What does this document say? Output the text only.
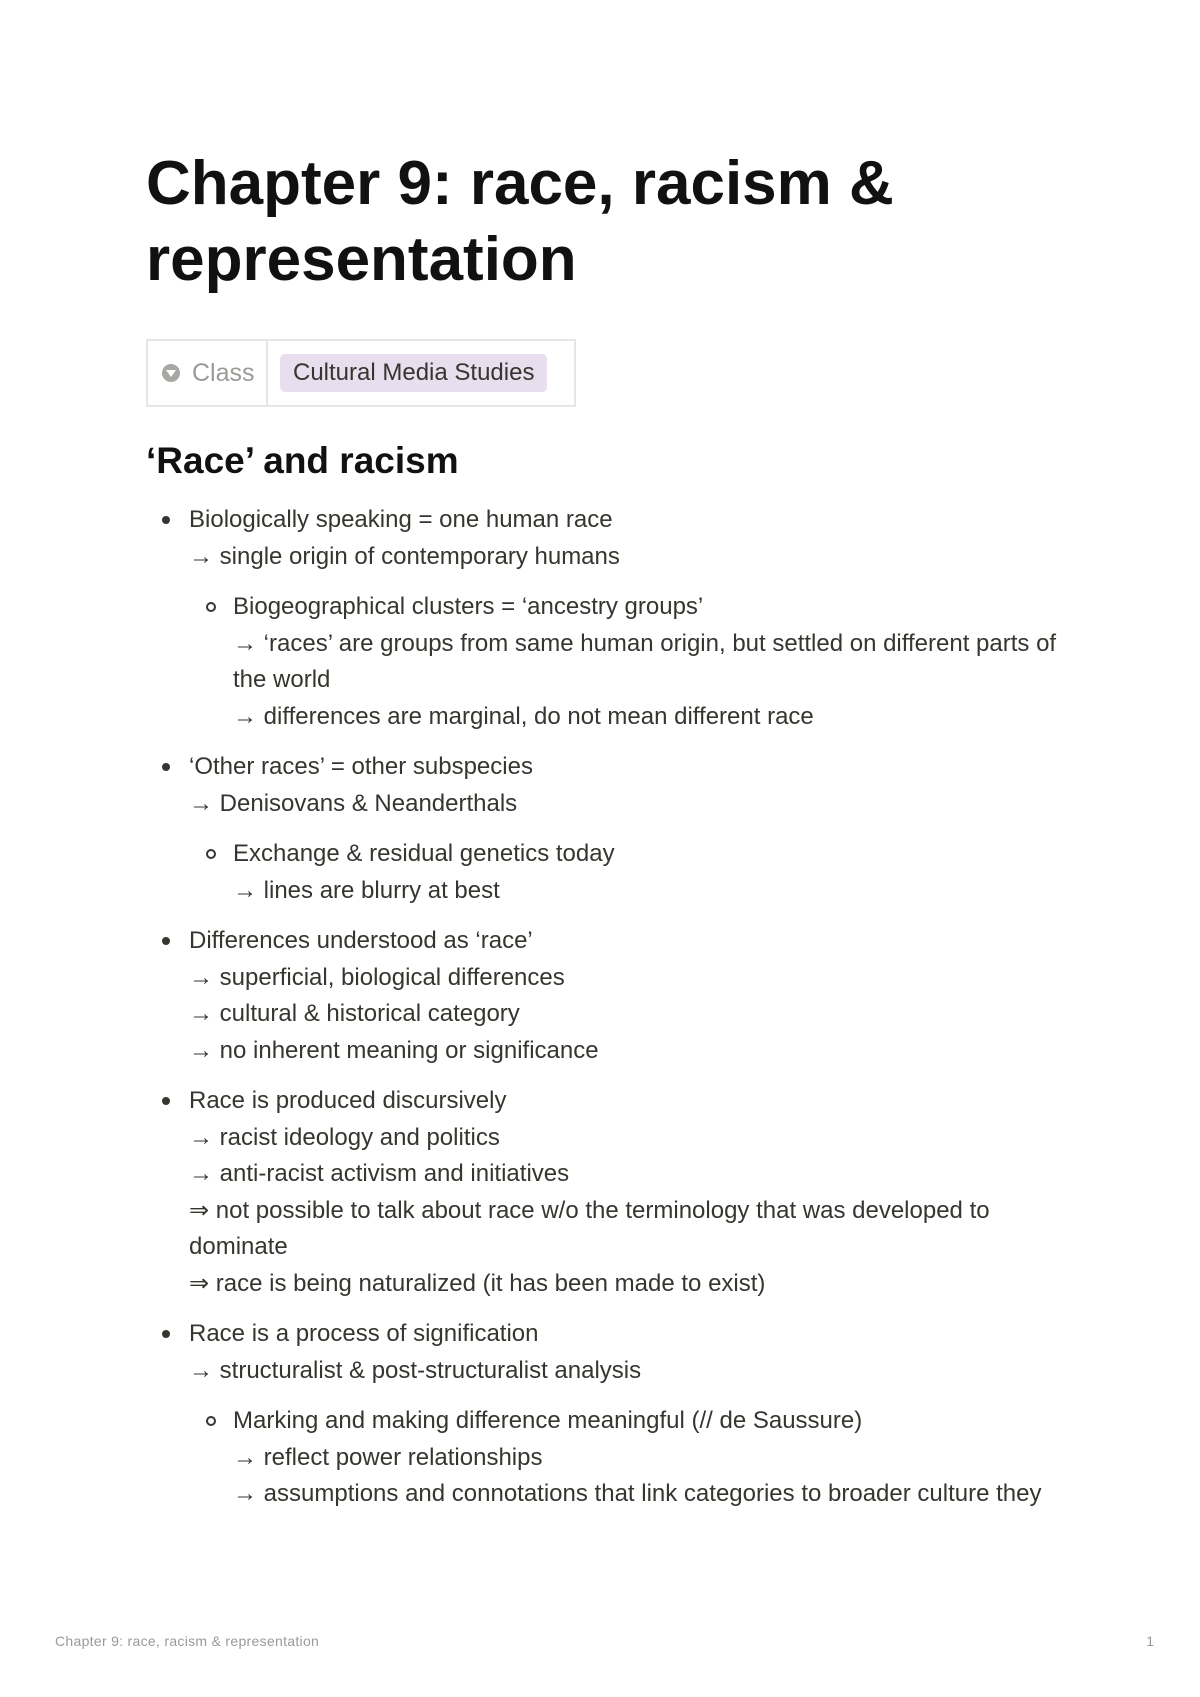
Chapter 9: race, racism & representation
Class	Cultural Media Studies
‘Race’ and racism
Biologically speaking = one human race
→ single origin of contemporary humans
Biogeographical clusters = ‘ancestry groups’
→ ‘races’ are groups from same human origin, but settled on different parts of the world
→ differences are marginal, do not mean different race
‘Other races’ = other subspecies
→ Denisovans & Neanderthals
Exchange & residual genetics today
→ lines are blurry at best
Differences understood as ‘race’
→ superficial, biological differences
→ cultural & historical category
→ no inherent meaning or significance
Race is produced discursively
→ racist ideology and politics
→ anti-racist activism and initiatives
⇒ not possible to talk about race w/o the terminology that was developed to dominate
⇒ race is being naturalized (it has been made to exist)
Race is a process of signification
→ structuralist & post-structuralist analysis
Marking and making difference meaningful (// de Saussure)
→ reflect power relationships
→ assumptions and connotations that link categories to broader culture they
Chapter 9: race, racism & representation	1
